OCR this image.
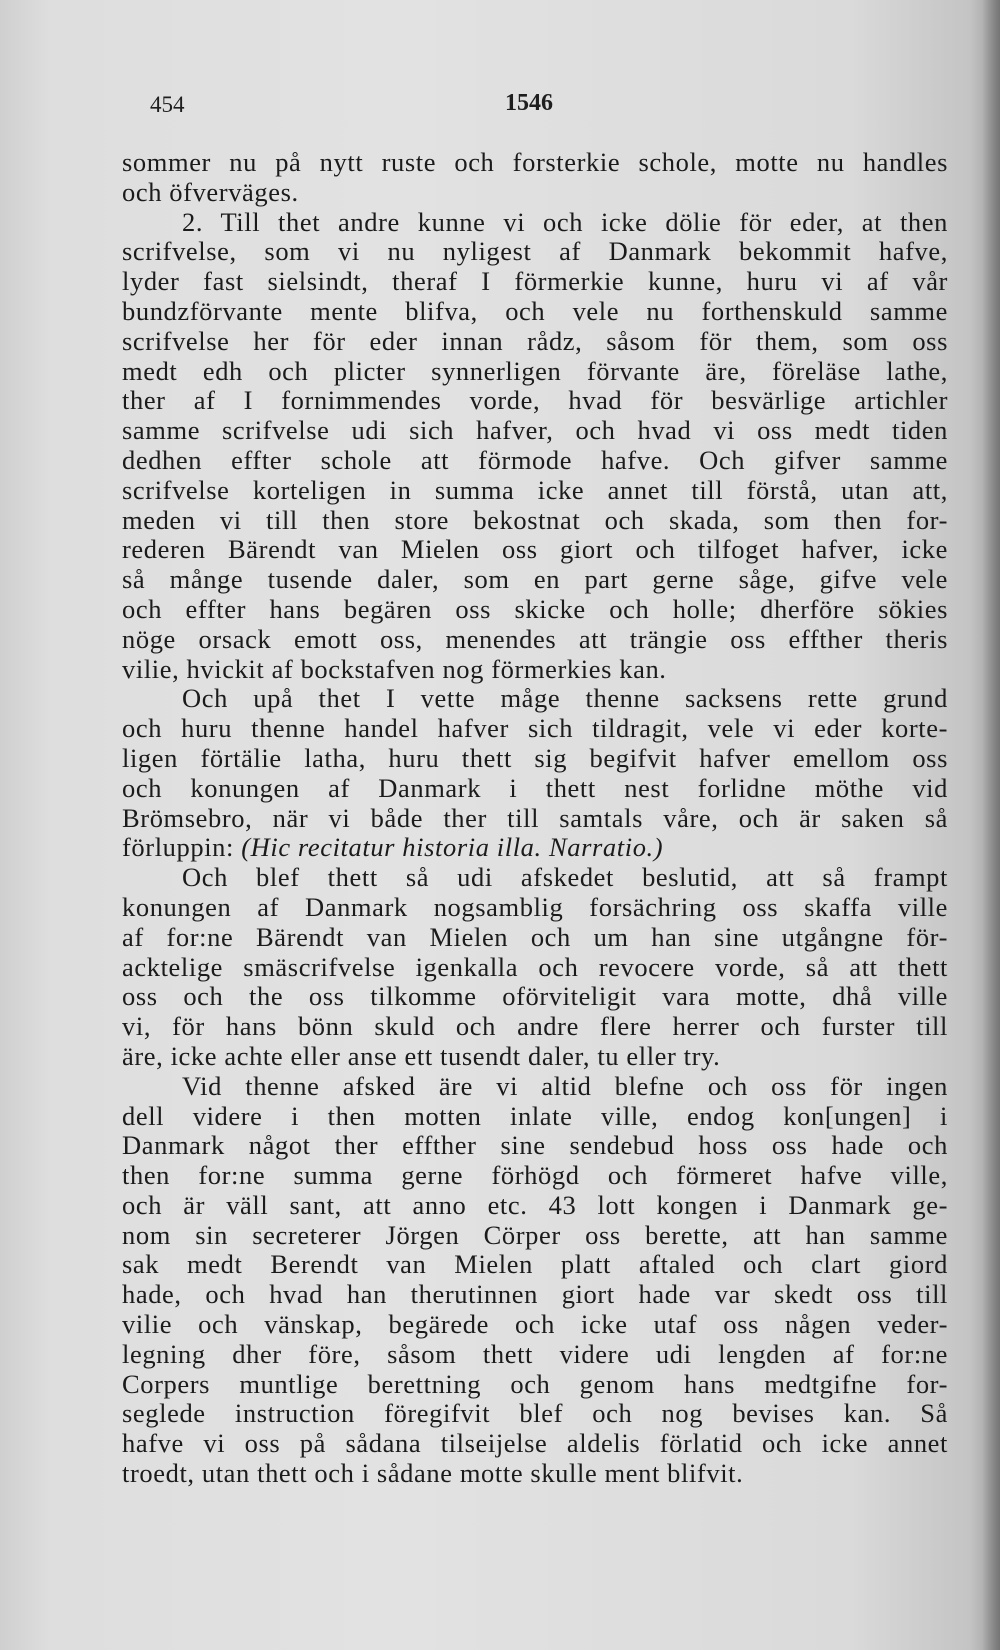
454	1546
sommer nu på nytt ruste och forsterkie schole, motte nu handles
och öfverväges.
2. Till thet andre kunne vi och icke dölie för eder, at then
scrifvelse, som vi nu nyligest af Danmark bekommit hafve,
lyder fast sielsindt, theraf I förmerkie kunne, huru vi af vår
bundzförvante mente blifva, och vele nu forthenskuld samme
scrifvelse her för eder innan rådz, såsom för them, som oss
medt edh och plicter synnerligen förvante äre, föreläse lathe,
ther af I fornimmendes vorde, hvad för besvärlige artichler
samme scrifvelse udi sich hafver, och hvad vi oss medt tiden
dedhen effter schole att förmode hafve. Och gifver samme
scrifvelse korteligen in summa icke annet till förstå, utan att,
meden vi till then store bekostnat och skada, som then for-
rederen Bärendt van Mielen oss giort och tilfoget hafver, icke
så månge tusende daler, som en part gerne såge, gifve vele
och effter hans begären oss skicke och holle; dherföre sökies
nöge orsack emott oss, menendes att trängie oss effther theris
vilie, hvickit af bockstafven nog förmerkies kan.
Och upå thet I vette måge thenne sacksens rette grund
och huru thenne handel hafver sich tildragit, vele vi eder korte-
ligen förtälie latha, huru thett sig begifvit hafver emellom oss
och konungen af Danmark i thett nest forlidne möthe vid
Brömsebro, när vi både ther till samtals våre, och är saken så
förluppin: (Hic recitatur historia illa. Narratio.)
Och blef thett så udi afskedet beslutid, att så frampt
konungen af Danmark nogsamblig forsächring oss skaffa ville
af for:ne Bärendt van Mielen och um han sine utgångne för-
acktelige smäscrifvelse igenkalla och revocere vorde, så att thett
oss och the oss tilkomme oförviteligit vara motte, dhå ville
vi, för hans bönn skuld och andre flere herrer och furster till
äre, icke achte eller anse ett tusendt daler, tu eller try.
Vid thenne afsked äre vi altid blefne och oss för ingen
dell videre i then motten inlate ville, endog kon[ungen] i
Danmark något ther effther sine sendebud hoss oss hade och
then for:ne summa gerne förhögd och förmeret hafve ville,
och är väll sant, att anno etc. 43 lott kongen i Danmark ge-
nom sin secreterer Jörgen Cörper oss berette, att han samme
sak medt Berendt van Mielen platt aftaled och clart giord
hade, och hvad han therutinnen giort hade var skedt oss till
vilie och vänskap, begärede och icke utaf oss någen veder-
legning dher före, såsom thett videre udi lengden af for:ne
Corpers muntlige berettning och genom hans medtgifne for-
seglede instruction föregifvit blef och nog bevises kan. Så
hafve vi oss på sådana tilseijelse aldelis förlatid och icke annet
troedt, utan thett och i sådane motte skulle ment blifvit.
